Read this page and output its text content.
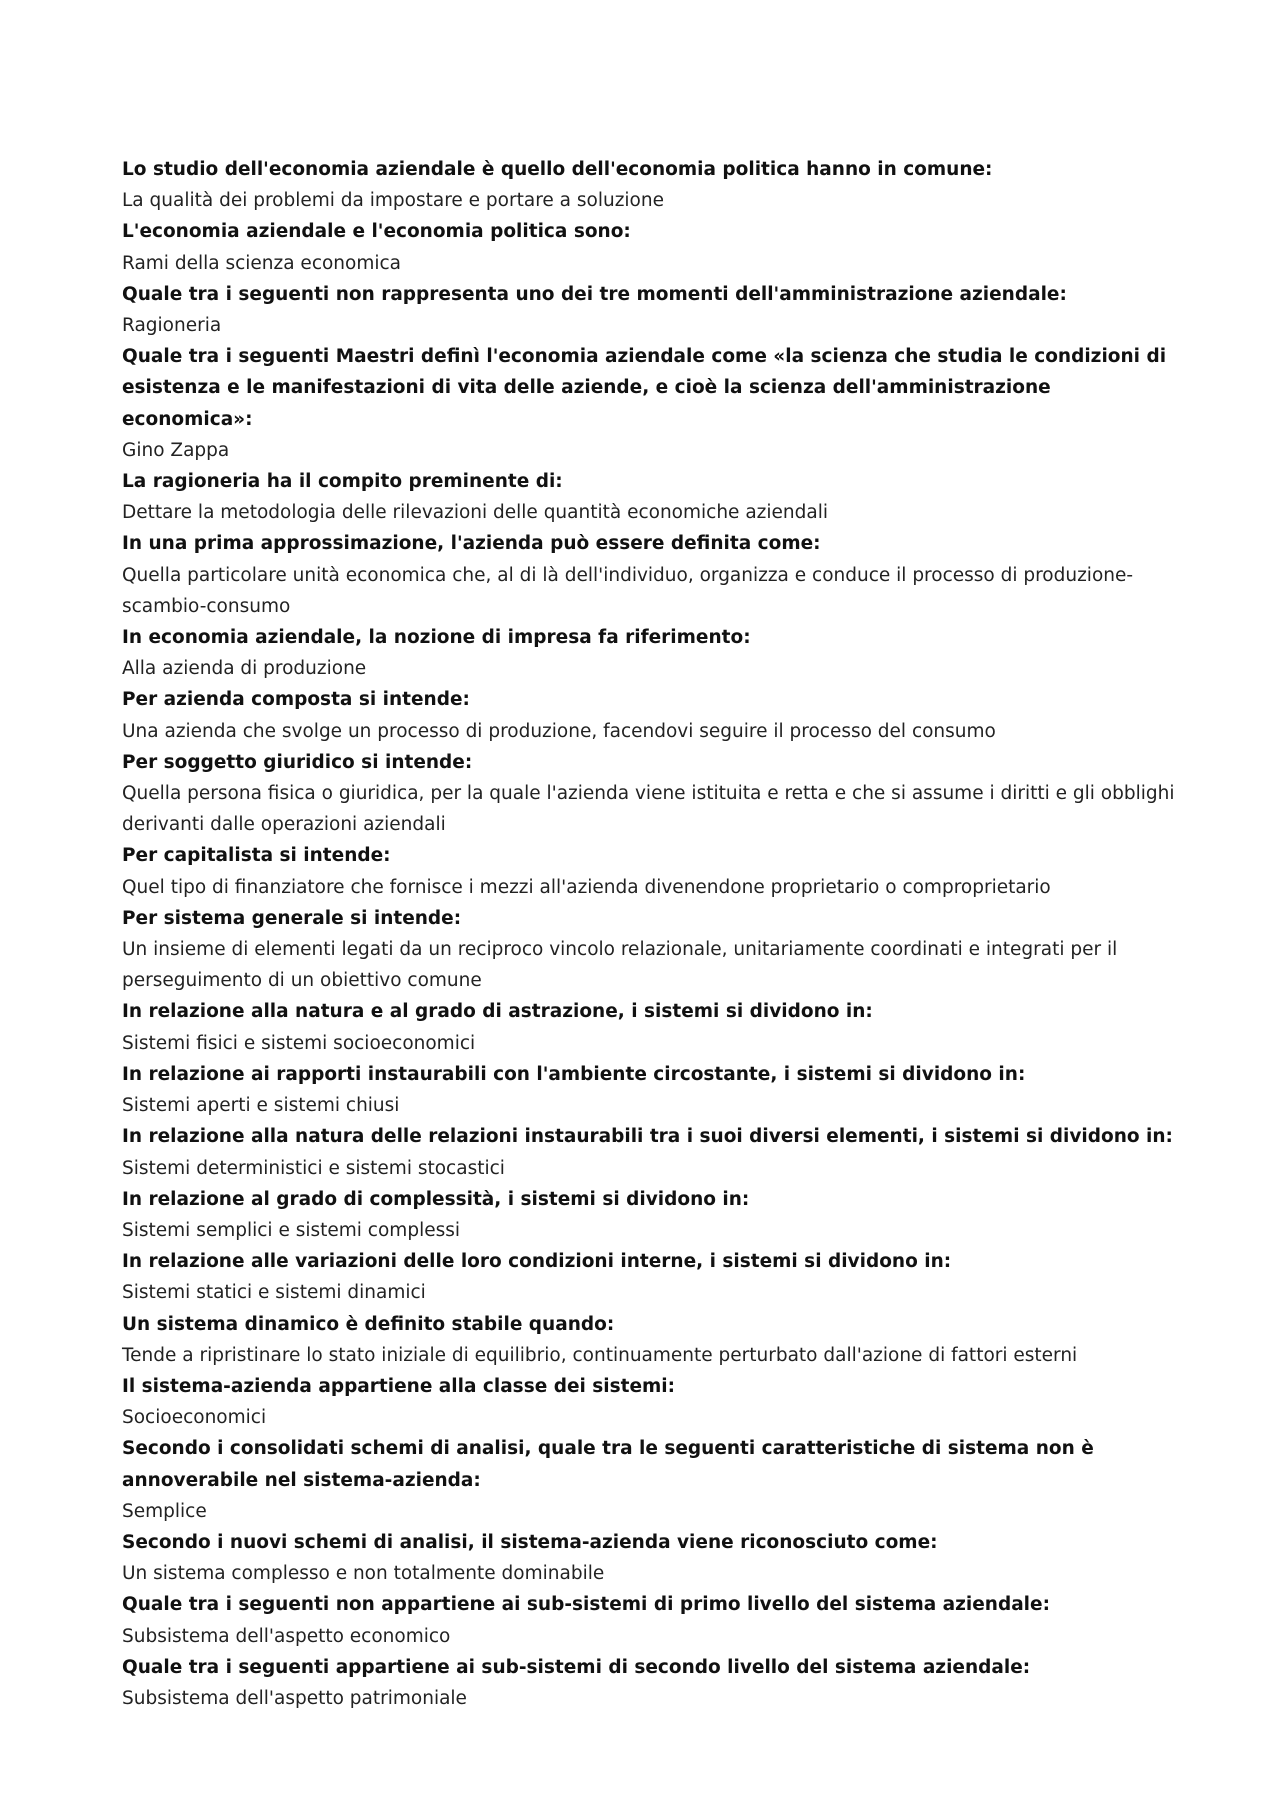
Lo studio dell'economia aziendale è quello dell'economia politica hanno in comune:
La qualità dei problemi da impostare e portare a soluzione
L'economia aziendale e l'economia politica sono:
Rami della scienza economica
Quale tra i seguenti non rappresenta uno dei tre momenti dell'amministrazione aziendale:
Ragioneria
Quale tra i seguenti Maestri definì l'economia aziendale come «la scienza che studia le condizioni di esistenza e le manifestazioni di vita delle aziende, e cioè la scienza dell'amministrazione economica»:
Gino Zappa
La ragioneria ha il compito preminente di:
Dettare la metodologia delle rilevazioni delle quantità economiche aziendali
In una prima approssimazione, l'azienda può essere definita come:
Quella particolare unità economica che, al di là dell'individuo, organizza e conduce il processo di produzione-scambio-consumo
In economia aziendale, la nozione di impresa fa riferimento:
Alla azienda di produzione
Per azienda composta si intende:
Una azienda che svolge un processo di produzione, facendovi seguire il processo del consumo
Per soggetto giuridico si intende:
Quella persona fisica o giuridica, per la quale l'azienda viene istituita e retta e che si assume i diritti e gli obblighi derivanti dalle operazioni aziendali
Per capitalista si intende:
Quel tipo di finanziatore che fornisce i mezzi all'azienda divenendone proprietario o comproprietario
Per sistema generale si intende:
Un insieme di elementi legati da un reciproco vincolo relazionale, unitariamente coordinati e integrati per il perseguimento di un obiettivo comune
In relazione alla natura e al grado di astrazione, i sistemi si dividono in:
Sistemi fisici e sistemi socioeconomici
In relazione ai rapporti instaurabili con l'ambiente circostante, i sistemi si dividono in:
Sistemi aperti e sistemi chiusi
In relazione alla natura delle relazioni instaurabili tra i suoi diversi elementi, i sistemi si dividono in:
Sistemi deterministici e sistemi stocastici
In relazione al grado di complessità, i sistemi si dividono in:
Sistemi semplici e sistemi complessi
In relazione alle variazioni delle loro condizioni interne, i sistemi si dividono in:
Sistemi statici e sistemi dinamici
Un sistema dinamico è definito stabile quando:
Tende a ripristinare lo stato iniziale di equilibrio, continuamente perturbato dall'azione di fattori esterni
Il sistema-azienda appartiene alla classe dei sistemi:
Socioeconomici
Secondo i consolidati schemi di analisi, quale tra le seguenti caratteristiche di sistema non è annoverabile nel sistema-azienda:
Semplice
Secondo i nuovi schemi di analisi, il sistema-azienda viene riconosciuto come:
Un sistema complesso e non totalmente dominabile
Quale tra i seguenti non appartiene ai sub-sistemi di primo livello del sistema aziendale:
Subsistema dell'aspetto economico
Quale tra i seguenti appartiene ai sub-sistemi di secondo livello del sistema aziendale:
Subsistema dell'aspetto patrimoniale
